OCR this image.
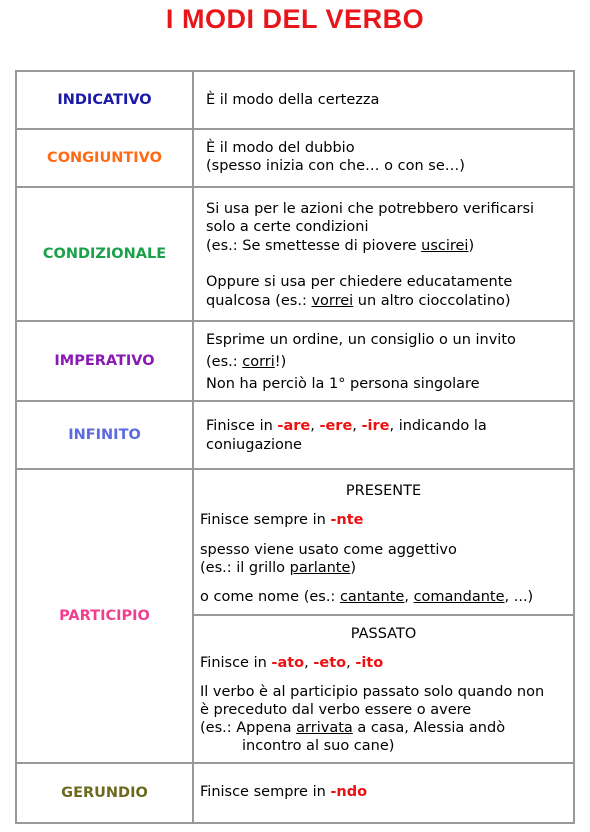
I MODI DEL VERBO
INDICATIVO	È il modo della certezza
CONGIUNTIVO
È il modo del dubbio
(spesso inizia con che… o con se…)
CONDIZIONALE
Si usa per le azioni che potrebbero verificarsi
solo a certe condizioni
(es.: Se smettesse di piovere uscirei)
Oppure si usa per chiedere educatamente
qualcosa (es.: vorrei un altro cioccolatino)
IMPERATIVO
Esprime un ordine, un consiglio o un invito
(es.: corri!)
Non ha perciò la 1° persona singolare
INFINITO
Finisce in -are, -ere, -ire, indicando la
coniugazione
PARTICIPIO
PRESENTE
Finisce sempre in -nte
spesso viene usato come aggettivo
(es.: il grillo parlante)
o come nome (es.: cantante, comandante, ...)
PASSATO
Finisce in -ato, -eto, -ito
Il verbo è al participio passato solo quando non
è preceduto dal verbo essere o avere
(es.: Appena arrivata a casa, Alessia andò
incontro al suo cane)
GERUNDIO	Finisce sempre in -ndo
